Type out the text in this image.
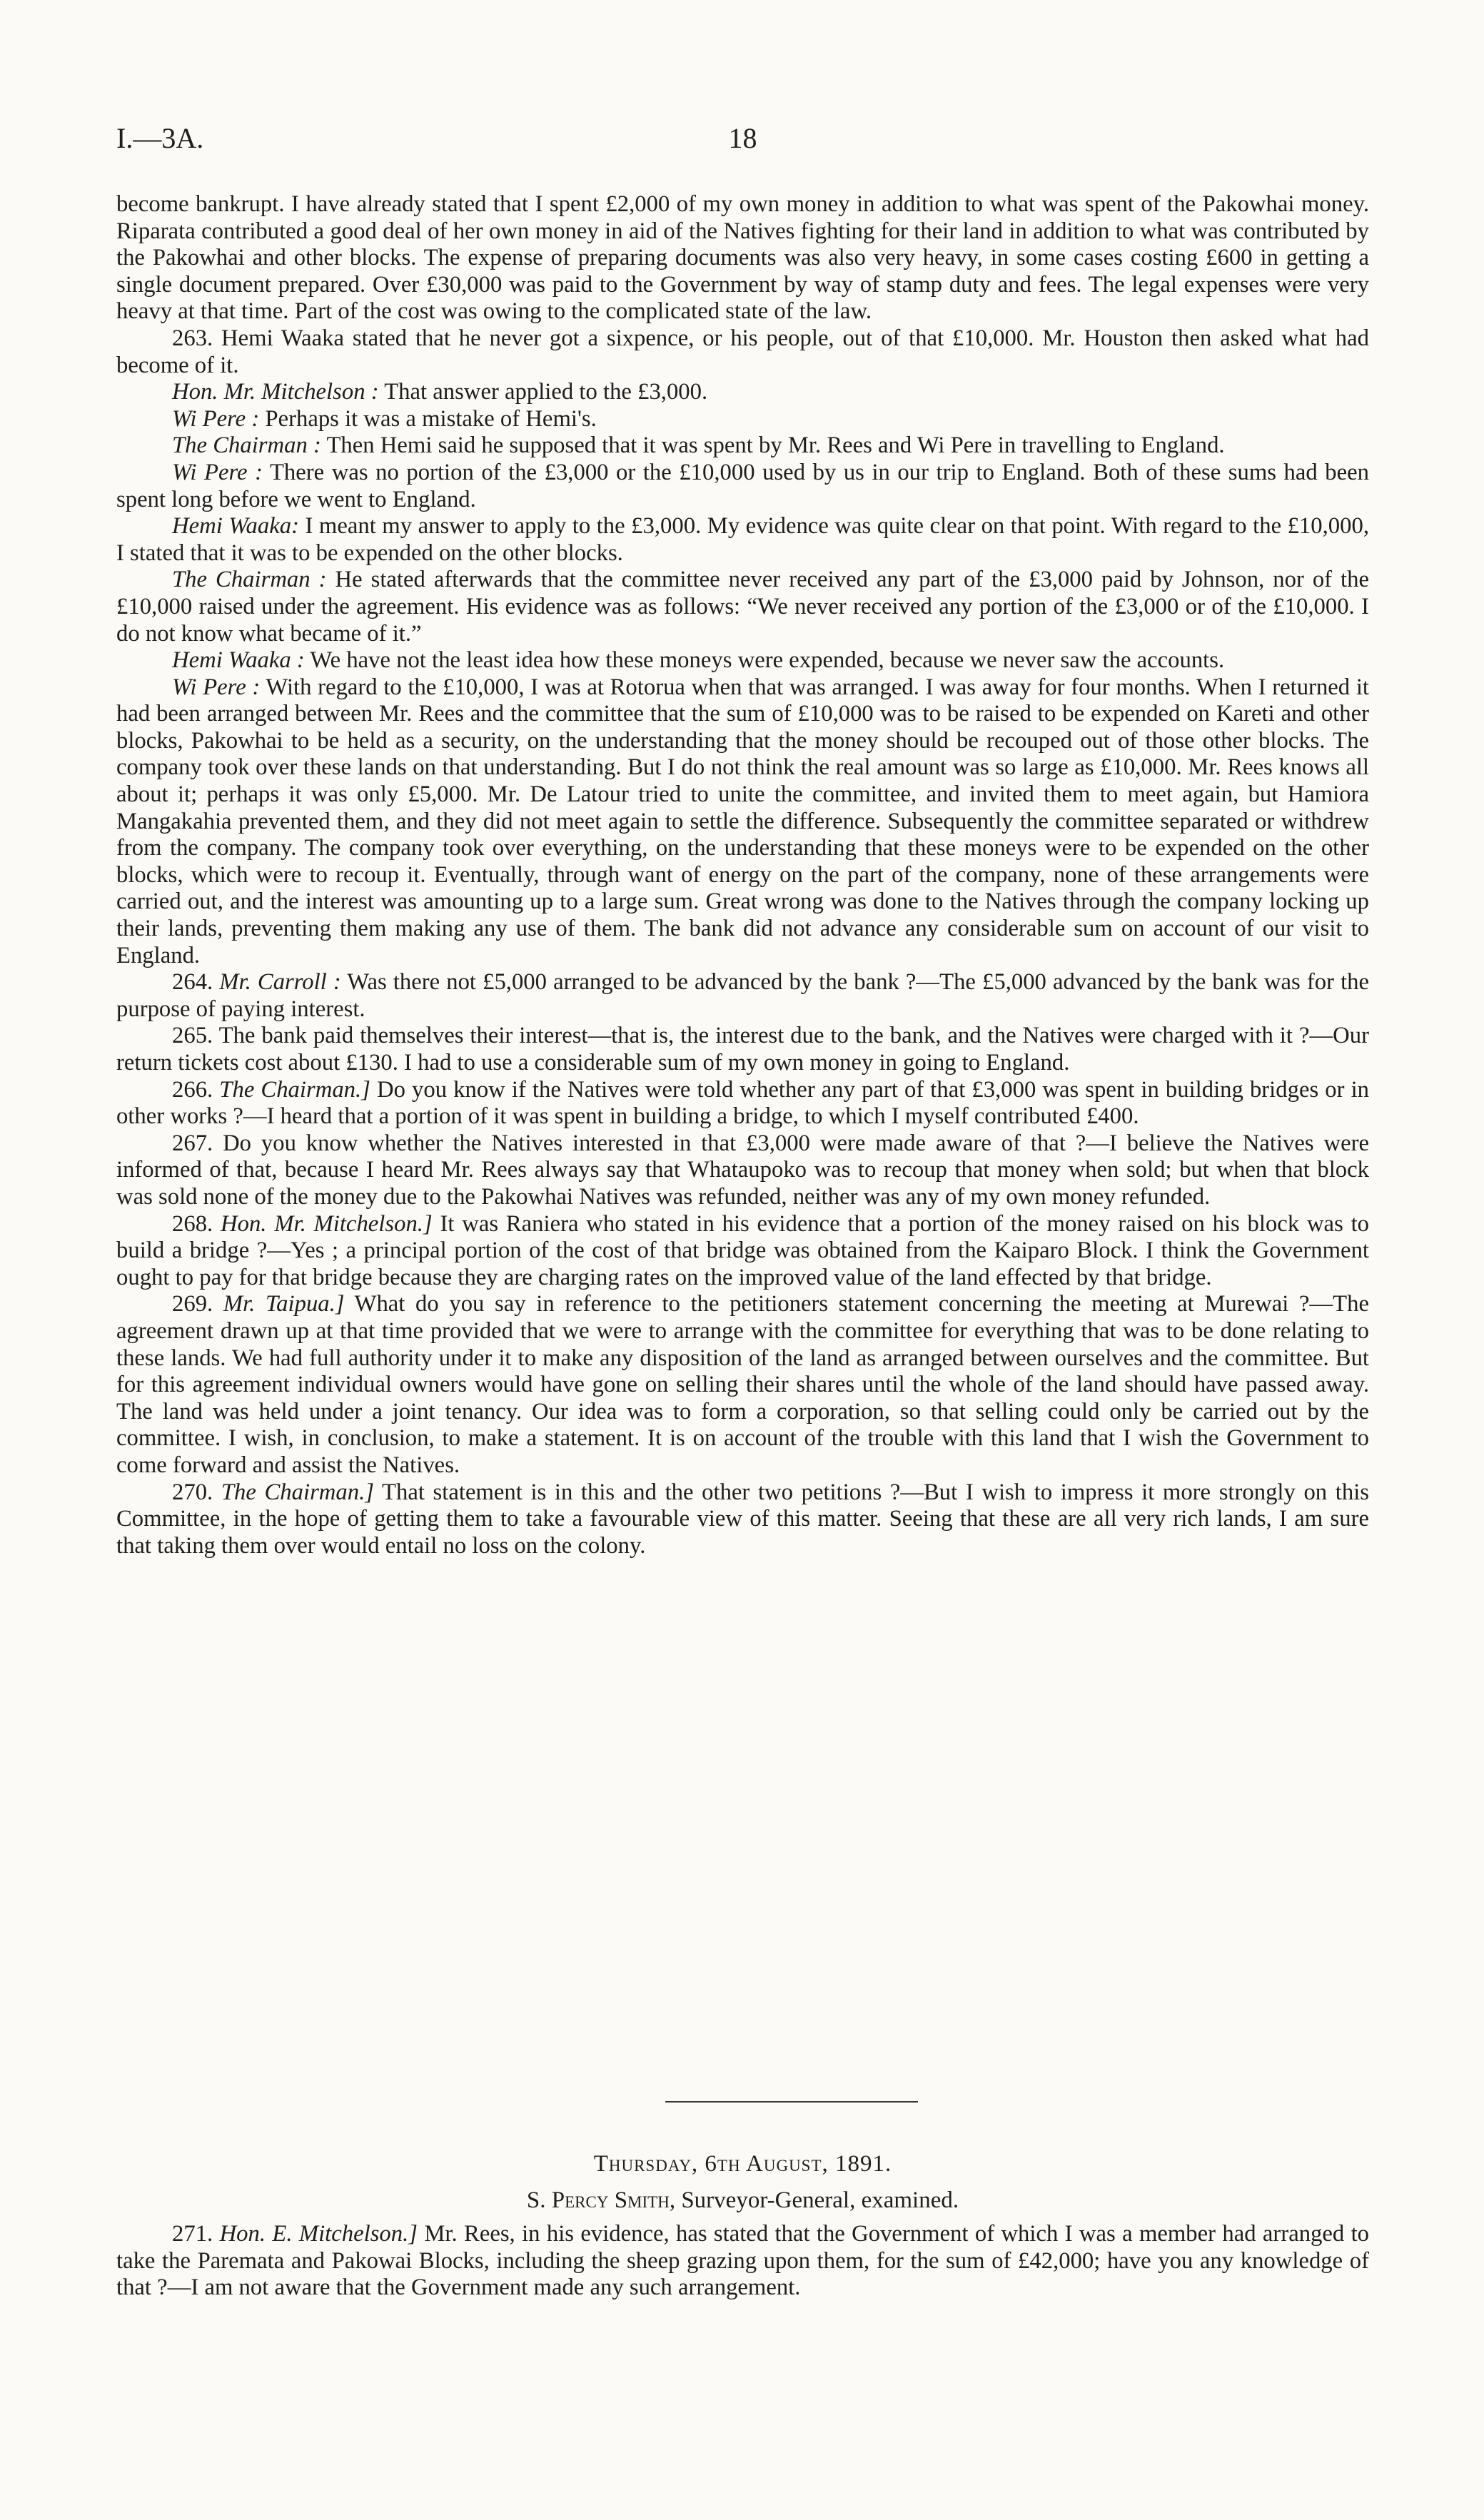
I.—3A.	18

become bankrupt. I have already stated that I spent £2,000 of my own money in addition to what was spent of the Pakowhai money. Riparata contributed a good deal of her own money in aid of the Natives fighting for their land in addition to what was contributed by the Pakowhai and other blocks. The expense of preparing documents was also very heavy, in some cases costing £600 in getting a single document prepared. Over £30,000 was paid to the Government by way of stamp duty and fees. The legal expenses were very heavy at that time. Part of the cost was owing to the complicated state of the law.

263. Hemi Waaka stated that he never got a sixpence, or his people, out of that £10,000. Mr. Houston then asked what had become of it.

Hon. Mr. Mitchelson : That answer applied to the £3,000.

Wi Pere : Perhaps it was a mistake of Hemi's.

The Chairman : Then Hemi said he supposed that it was spent by Mr. Rees and Wi Pere in travelling to England.

Wi Pere : There was no portion of the £3,000 or the £10,000 used by us in our trip to England. Both of these sums had been spent long before we went to England.

Hemi Waaka: I meant my answer to apply to the £3,000. My evidence was quite clear on that point. With regard to the £10,000, I stated that it was to be expended on the other blocks.

The Chairman : He stated afterwards that the committee never received any part of the £3,000 paid by Johnson, nor of the £10,000 raised under the agreement. His evidence was as follows: “We never received any portion of the £3,000 or of the £10,000. I do not know what became of it.”

Hemi Waaka : We have not the least idea how these moneys were expended, because we never saw the accounts.

Wi Pere : With regard to the £10,000, I was at Rotorua when that was arranged. I was away for four months. When I returned it had been arranged between Mr. Rees and the committee that the sum of £10,000 was to be raised to be expended on Kareti and other blocks, Pakowhai to be held as a security, on the understanding that the money should be recouped out of those other blocks. The company took over these lands on that understanding. But I do not think the real amount was so large as £10,000. Mr. Rees knows all about it; perhaps it was only £5,000. Mr. De Latour tried to unite the committee, and invited them to meet again, but Hamiora Mangakahia prevented them, and they did not meet again to settle the difference. Subsequently the committee separated or withdrew from the company. The company took over everything, on the understanding that these moneys were to be expended on the other blocks, which were to recoup it. Eventually, through want of energy on the part of the company, none of these arrangements were carried out, and the interest was amounting up to a large sum. Great wrong was done to the Natives through the company locking up their lands, preventing them making any use of them. The bank did not advance any considerable sum on account of our visit to England.

264. Mr. Carroll : Was there not £5,000 arranged to be advanced by the bank ?—The £5,000 advanced by the bank was for the purpose of paying interest.

265. The bank paid themselves their interest—that is, the interest due to the bank, and the Natives were charged with it ?—Our return tickets cost about £130. I had to use a considerable sum of my own money in going to England.

266. The Chairman.] Do you know if the Natives were told whether any part of that £3,000 was spent in building bridges or in other works ?—I heard that a portion of it was spent in building a bridge, to which I myself contributed £400.

267. Do you know whether the Natives interested in that £3,000 were made aware of that ?—I believe the Natives were informed of that, because I heard Mr. Rees always say that Whataupoko was to recoup that money when sold; but when that block was sold none of the money due to the Pakowhai Natives was refunded, neither was any of my own money refunded.

268. Hon. Mr. Mitchelson.] It was Raniera who stated in his evidence that a portion of the money raised on his block was to build a bridge ?—Yes ; a principal portion of the cost of that bridge was obtained from the Kaiparo Block. I think the Government ought to pay for that bridge because they are charging rates on the improved value of the land effected by that bridge.

269. Mr. Taipua.] What do you say in reference to the petitioners statement concerning the meeting at Murewai ?—The agreement drawn up at that time provided that we were to arrange with the committee for everything that was to be done relating to these lands. We had full authority under it to make any disposition of the land as arranged between ourselves and the committee. But for this agreement individual owners would have gone on selling their shares until the whole of the land should have passed away. The land was held under a joint tenancy. Our idea was to form a corporation, so that selling could only be carried out by the committee. I wish, in conclusion, to make a statement. It is on account of the trouble with this land that I wish the Government to come forward and assist the Natives.

270. The Chairman.] That statement is in this and the other two petitions ?—But I wish to impress it more strongly on this Committee, in the hope of getting them to take a favourable view of this matter. Seeing that these are all very rich lands, I am sure that taking them over would entail no loss on the colony.

Thursday, 6th August, 1891.
S. Percy Smith, Surveyor-General, examined.

271. Hon. E. Mitchelson.] Mr. Rees, in his evidence, has stated that the Government of which I was a member had arranged to take the Paremata and Pakowai Blocks, including the sheep grazing upon them, for the sum of £42,000; have you any knowledge of that ?—I am not aware that the Government made any such arrangement.
